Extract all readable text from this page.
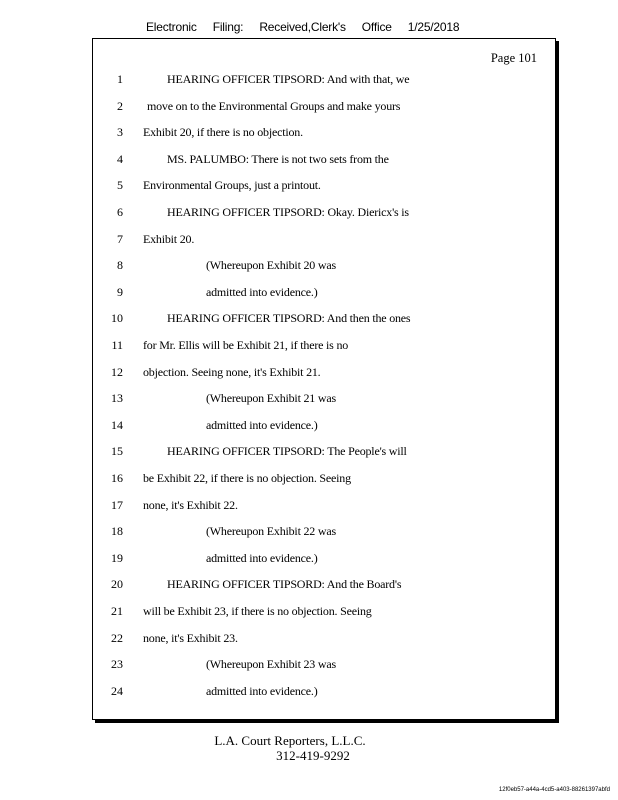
Electronic Filing: Received,Clerk's Office 1/25/2018
Page 101
1	HEARING OFFICER TIPSORD: And with that, we
2 move on to the Environmental Groups and make yours
3 Exhibit 20, if there is no objection.
4	MS. PALUMBO: There is not two sets from the
5 Environmental Groups, just a printout.
6	HEARING OFFICER TIPSORD: Okay. Diericx's is
7 Exhibit 20.
8	(Whereupon Exhibit 20 was
9	admitted into evidence.)
10	HEARING OFFICER TIPSORD: And then the ones
11 for Mr. Ellis will be Exhibit 21, if there is no
12 objection. Seeing none, it's Exhibit 21.
13	(Whereupon Exhibit 21 was
14	admitted into evidence.)
15	HEARING OFFICER TIPSORD: The People's will
16 be Exhibit 22, if there is no objection. Seeing
17 none, it's Exhibit 22.
18	(Whereupon Exhibit 22 was
19	admitted into evidence.)
20	HEARING OFFICER TIPSORD: And the Board's
21 will be Exhibit 23, if there is no objection. Seeing
22 none, it's Exhibit 23.
23	(Whereupon Exhibit 23 was
24	admitted into evidence.)
L.A. Court Reporters, L.L.C.
312-419-9292
12f0eb57-a44a-4cd5-a403-88261397abfd
